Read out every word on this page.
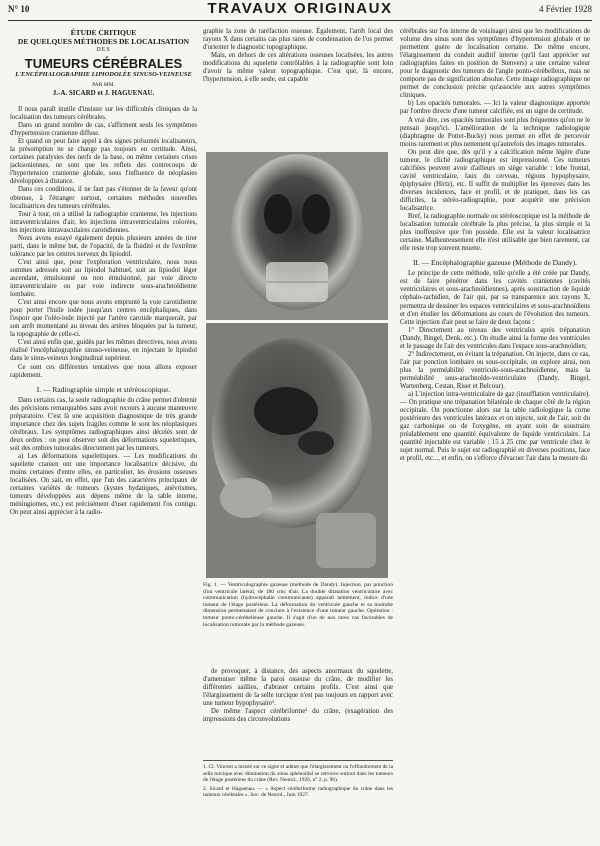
N° 10	TRAVAUX ORIGINAUX	4 Février 1928
ÉTUDE CRITIQUE
DE QUELQUES MÉTHODES DE LOCALISATION
DES
TUMEURS CÉRÉBRALES
L'ENCÉPHALOGRAPHIE LIPIODOLÉE SINUSO-VEINEUSE
PAR MM.
J.-A. SICARD et J. HAGUENAU.

Il nous paraît inutile d'insister sur les difficultés cliniques de la localisation des tumeurs cérébrales.

Dans un grand nombre de cas, s'affirment seuls les symptômes d'hypertension cranienne diffuse.

Et quand on peut faire appel à des signes présumés localisateurs, la présomption ne se change pas toujours en certitude. Ainsi, certaines paralysies des nerfs de la base, ou même certaines crises jacksoniennes, ne sont que les reflets des contrecoups de l'hypertension cranienne globale, sous l'influence de néoplasies développées à distance.

Dans ces conditions, il ne faut pas s'étonner de la faveur qu'ont obtenue, à l'étranger surtout, certaines méthodes nouvelles localisatrices des tumeurs cérébrales.

Tour à tour, on a utilisé la radiographie cranienne, les injections intraventriculaires d'air, les injections intraventriculaires colorées, les injections intravasculaires carotidiennes.

Nous avons essayé également depuis plusieurs années de tirer parti, dans le même but, de l'opacité, de la fluidité et de l'extrême tolérance par les centres nerveux du lipiodol.

C'est ainsi que, pour l'exploration ventriculaire, nous nous sommes adressés soit au lipiodol habituel, soit au lipiodol léger ascendant, émulsionné ou non émulsionné, par voie directe intraventriculaire ou par voie indirecte sous-arachnoïdienne lombaire.

C'est ainsi encore que nous avons emprunté la voie carotidienne pour porter l'huile iodée jusqu'aux centres encéphaliques, dans l'espoir que l'oléo-iode injecté par l'artère carotide marquerait, par son arrêt momentané au niveau des artères bloquées par la tumeur, la topographie de celle-ci.

C'est ainsi enfin que, guidés par les mêmes directives, nous avons réalisé l'encéphalographie sinuso-veineuse, en injectant le lipiodol dans le sinus-veineux longitudinal supérieur.

Ce sont ces différentes tentatives que nous allons exposer rapidement.

I. — Radiographie simple et stéréoscopique.

Dans certains cas, la seule radiographie du crâne permet d'obtenir des précisions remarquables sans avoir recours à aucune manœuvre préparatoire. C'est là une acquisition diagnostique de très grande importance chez des sujets fragiles comme le sont les néoplasiques cérébraux. Les symptômes radiographiques ainsi décelés sont de deux ordres : on peut observer soit des déformations squelettiques, soit des ombres tumorales directement par les tumeurs.

a) Les déformations squelettiques. — Les modifications du squelette cranien ont une importance localisatrice décisive, du moins certaines d'entre elles, en particulier, les érosions osseuses localisées. On sait, en effet, que l'un des caractères principaux de certaines variétés de tumeurs (kystes hydatiques, anévrismes, tumeurs développées aux dépens même de la table interne, méningiomes, etc.) est précisément d'user rapidement l'os contigu. On peut ainsi apprécier à la radio-

graphie la zone de raréfaction osseuse. Également, l'arrêt local des rayons X dans certains cas plus rares de condensation de l'os permet d'orienter le diagnostic topographique.

Mais, en dehors de ces altérations osseuses localisées, les autres modifications du squelette contrôlables à la radiographie sont loin d'avoir la même valeur topographique. C'est que, là encore, l'hypertension, à elle seule, est capable

Fig. 1. — Ventriculographie gazeuse (méthode de Dandy). Injection, par ponction d'un ventricule latéral, de 180 cmc d'air. La double dilatation ventriculaire avec communication (hydrocéphalie communicante) apparaît nettement, indice d'une tumeur de l'étage postérieur. La déformation du ventricule gauche et sa moindre dimension permettaient de conclure à l'existence d'une tumeur gauche. Opération : tumeur ponto-cérébelleuse gauche. Il s'agit d'un de nos rares cas favorables de localisation tumorale par la méthode gazeuse.

de provoquer, à distance, des aspects anormaux du squelette, d'amenuiser même la paroi osseuse du crâne, de modifier les différentes saillies, d'abraser certains profils. C'est ainsi que l'élargissement de la selle turcique n'est pas toujours en rapport avec une tumeur hypophysaire¹.

De même l'aspect cérébriforme² du crâne, (exagération des impressions des circonvolutions

1. Cl. Vincent a insisté sur ce signe et admet que l'élargissement ou l'effondrement de la selle turcique avec diminution du sinus sphénoïdal se retrouve surtout dans les tumeurs de l'étage postérieur du crâne (Rev. Neurol., 1926, n° 2, p. 96).

2. Sicard et Haguenau. — « Aspect cérébriforme radiographique du crâne dans les tumeurs cérébrales ». Soc. de Neurol., Juin 1927.

cérébrales sur l'os interne de voisinage) ainsi que les modifications de volume des sinus sont des symptômes d'hypertension globale et ne permettent guère de localisation certaine. De même encore, l'élargissement du conduit auditif interne (qu'il faut apprécier sur radiographies faites en position de Stenvers) a une certaine valeur pour le diagnostic des tumeurs de l'angle ponto-cérébelleux, mais ne comporte pas de signification absolue. Cette image radiographique ne permet de conclusion précise qu'associée aux autres symptômes cliniques.

b) Les opacités tumorales. — Ici la valeur diagnostique apportée par l'ombre directe d'une tumeur calcifiée, est un signe de certitude.

A vrai dire, ces opacités tumorales sont plus fréquentes qu'on ne le pensait jusqu'ici. L'amélioration de la technique radiologique (diaphragme de Potter-Bucky) nous permet en effet de percevoir moins rarement et plus nettement qu'autrefois des images tumorales.

On peut dire que, dès qu'il y a calcification même légère d'une tumeur, le cliché radiographique est impressionné. Ces tumeurs calcifiées peuvent avoir d'ailleurs un siège variable : lobe frontal, cavité ventriculaire, faux du cerveau, régions hypophysaire, épiphysaire (Hirtz), etc. Il suffit de multiplier les épreuves dans les diverses incidences, face et profil, et de pratiquer, dans les cas difficiles, la stéréo-radiographie, pour acquérir une précision localisatrice.

Bref, la radiographie normale ou stéréoscopique est la méthode de localisation tumorale cérébrale la plus précise, la plus simple et la plus inoffensive que l'on possède. Elle est la valeur localisatrice certaine. Malheureusement elle n'est utilisable que bien rarement, car elle reste trop souvent muette.

II. — Encéphalographie gazeuse (Méthode de Dandy).

Le principe de cette méthode, telle qu'elle a été créée par Dandy, est de faire pénétrer dans les cavités craniennes (cavités ventriculaires et sous-arachnoïdiennes), après soustraction de liquide céphalo-rachidien, de l'air qui, par sa transparence aux rayons X, permettra de dessiner les espaces ventriculaires et sous-arachnoïdiens et d'en étudier les déformations au cours de l'évolution des tumeurs. Cette injection d'air peut se faire de deux façons :

1° Directement au niveau des ventricules après trépanation (Dandy, Bingel, Denk, etc.). On étudie ainsi la forme des ventricules et le passage de l'air des ventricules dans l'espace sous-arachnoïdien;

2° Indirectement, en évitant la trépanation. On injecte, dans ce cas, l'air par ponction lombaire ou sous-occipitale, on explore ainsi, non plus la perméabilité ventriculo-sous-arachnoïdienne, mais la perméabilité sous-arachnoïdo-ventriculaire (Dandy, Bingel, Wartenberg, Cestan, Riser et Belcour).

a) L'injection intra-ventriculaire de gaz (insufflation ventriculaire). — On pratique une trépanation bilatérale de chaque côté de la région occipitale. On ponctionne alors sur la table radiologique la corne postérieure des ventricules latéraux et on injecte, soit de l'air, soit du gaz carbonique ou de l'oxygène, en ayant soin de soustraire préalablement une quantité équivalente de liquide ventriculaire. La quantité injectable est variable : 15 à 25 cmc par ventricule chez le sujet normal. Puis le sujet est radiographié en diverses positions, face et profil, etc..., et enfin, on s'efforce d'évacuer l'air dans la mesure du
